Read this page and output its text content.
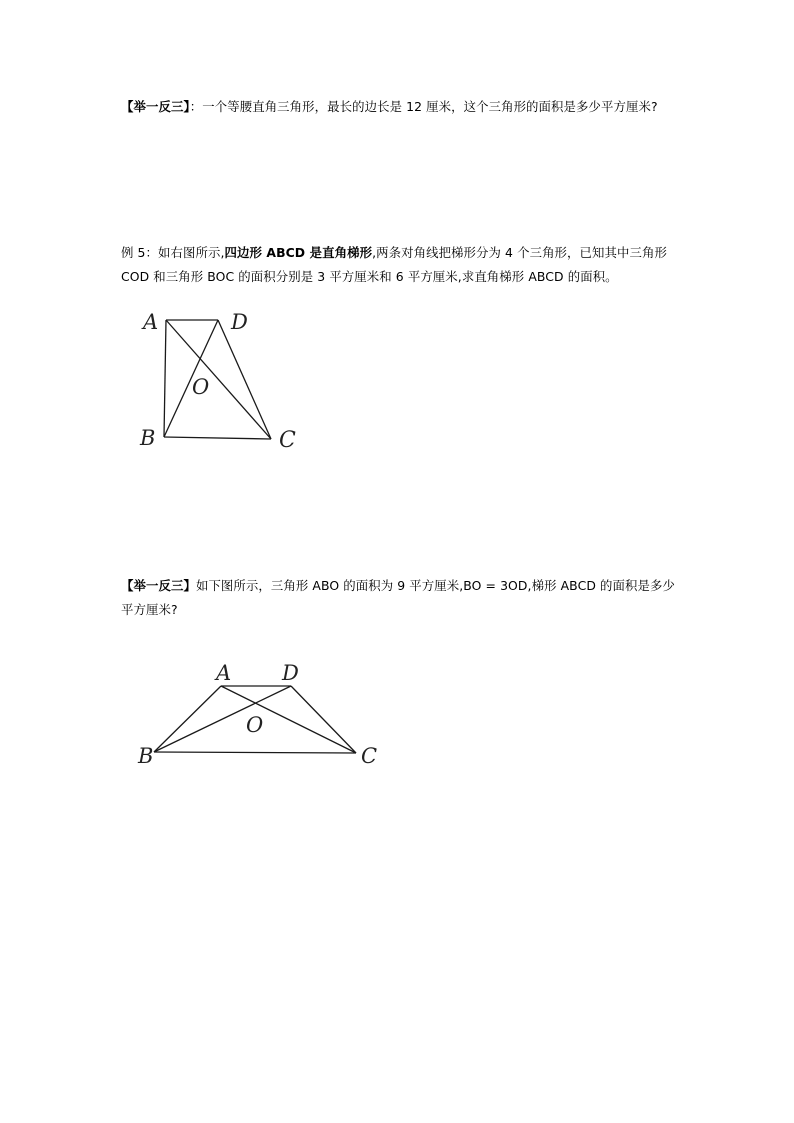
【举一反三】：一个等腰直角三角形，最长的边长是 12 厘米，这个三角形的面积是多少平方厘米?

例 5：如右图所示,四边形 ABCD 是直角梯形,两条对角线把梯形分为 4 个三角形，已知其中三角形 COD 和三角形 BOC 的面积分别是 3 平方厘米和 6 平方厘米,求直角梯形 ABCD 的面积。

A	D
O
B	C

【举一反三】如下图所示，三角形 ABO 的面积为 9 平方厘米,BO = 3OD,梯形 ABCD 的面积是多少平方厘米?

A D
O
B	C
